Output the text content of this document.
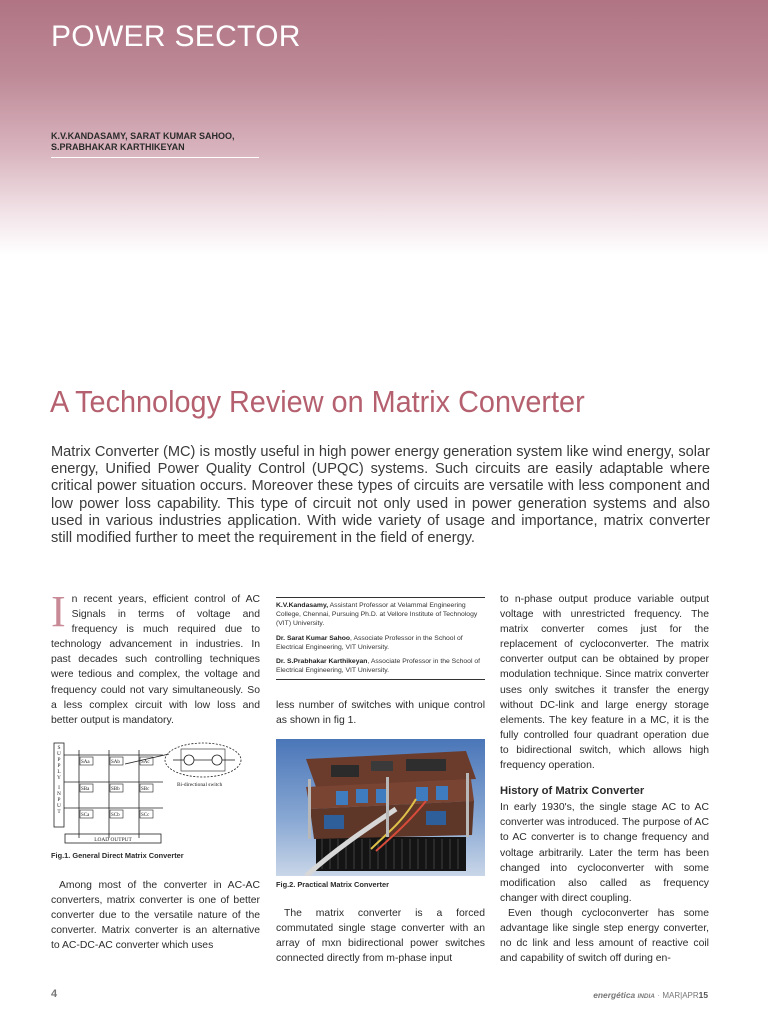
POWER SECTOR
K.V.KANDASAMY, SARAT KUMAR SAHOO,
S.PRABHAKAR KARTHIKEYAN
A Technology Review on Matrix Converter

Matrix Converter (MC) is mostly useful in high power energy generation system like wind energy, solar energy, Unified Power Quality Control (UPQC) systems. Such circuits are easily adaptable where critical power situation occurs. Moreover these types of circuits are versatile with less component and low power loss capability. This type of circuit not only used in power generation systems and also used in various industries application. With wide variety of usage and importance, matrix converter still modified further to meet the requirement in the field of energy.

In recent years, efficient control of AC Signals in terms of voltage and frequency is much required due to technology advancement in industries. In past decades such controlling techniques were tedious and complex, the voltage and frequency could not vary simultaneously. So a less complex circuit with low loss and better output is mandatory.

S U P P L Y I N P U T
SAa	SAb	SAc
SBa	SBb	SBc
SCa	SCb	SCc
LOAD OUTPUT
Bi-directional switch
Fig.1. General Direct Matrix Converter

Among most of the converter in AC-AC converters, matrix converter is one of better converter due to the versatile nature of the converter. Matrix converter is an alternative to AC-DC-AC converter which uses

K.V.Kandasamy, Assistant Professor at Velammal Engineering College, Chennai, Pursuing Ph.D. at Vellore Institute of Technology (VIT) University.

Dr. Sarat Kumar Sahoo, Associate Professor in the School of Electrical Engineering, VIT University.

Dr. S.Prabhakar Karthikeyan, Associate Professor in the School of Electrical Engineering, VIT University.

less number of switches with unique control as shown in fig 1.

Fig.2. Practical Matrix Converter

The matrix converter is a forced commutated single stage converter with an array of mxn bidirectional power switches connected directly from m-phase input

to n-phase output produce variable output voltage with unrestricted frequency. The matrix converter comes just for the replacement of cycloconverter. The matrix converter output can be obtained by proper modulation technique. Since matrix converter uses only switches it transfer the energy without DC-link and large energy storage elements. The key feature in a MC, it is the fully controlled four quadrant operation due to bidirectional switch, which allows high frequency operation.

History of Matrix Converter

In early 1930's, the single stage AC to AC converter was introduced. The purpose of AC to AC converter is to change frequency and voltage arbitrarily. Later the term has been changed into cycloconverter with some modification also called as frequency changer with direct coupling.

Even though cycloconverter has some advantage like single step energy converter, no dc link and less amount of reactive coil and capability of switch off during en-

4	energética INDIA · MAR|APR15
